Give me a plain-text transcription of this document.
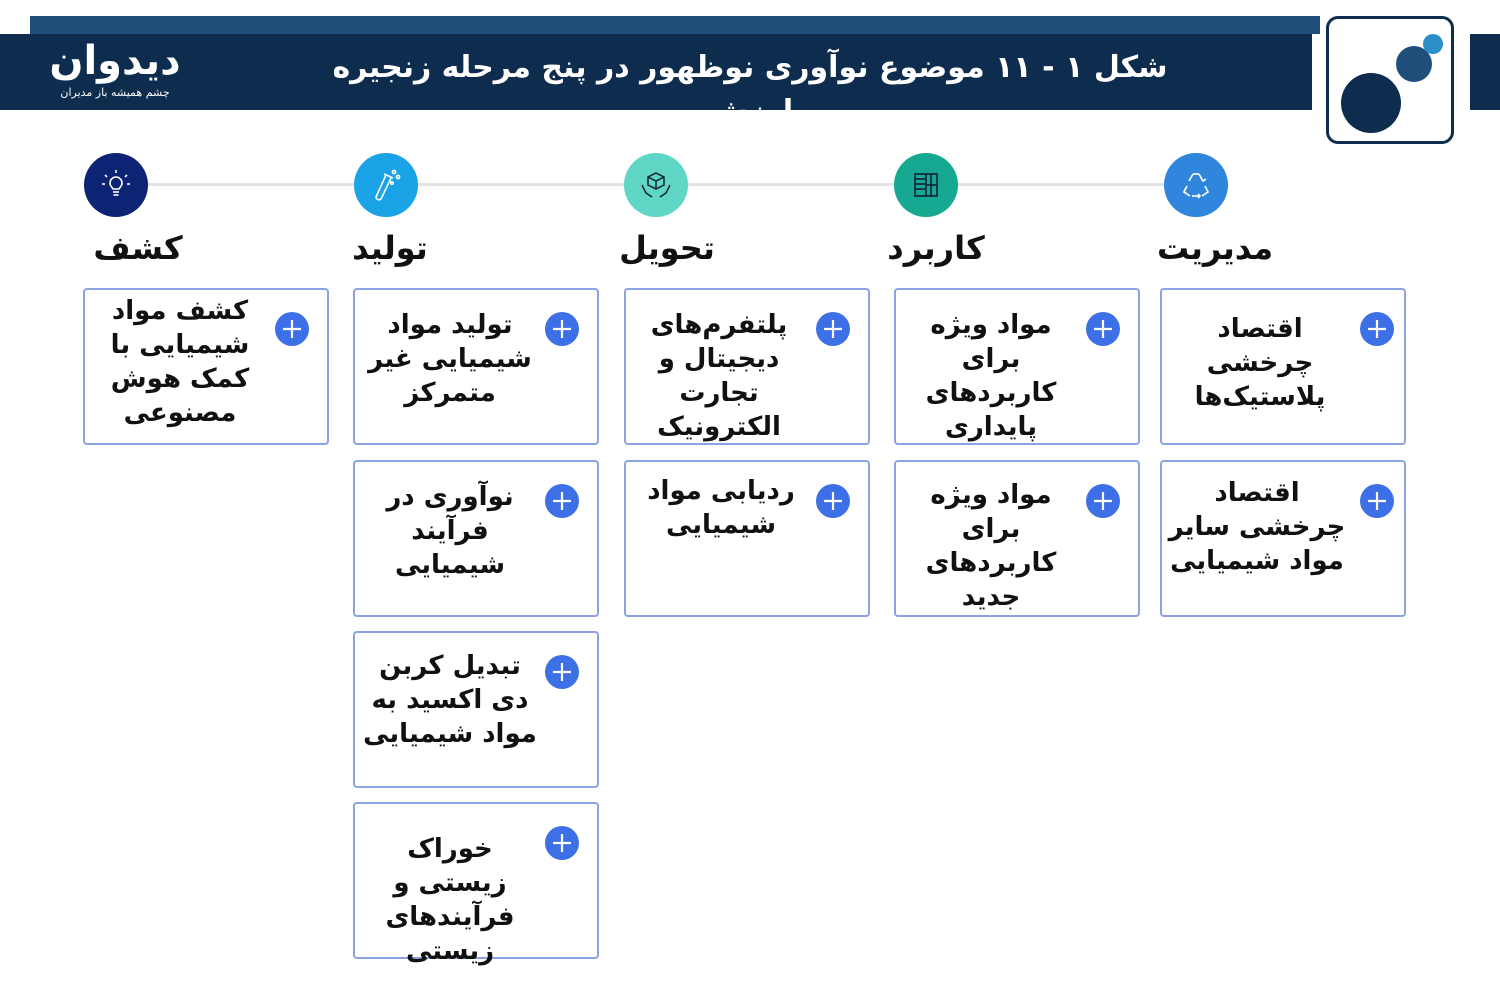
دیدوان
چشم همیشه باز مدیران
شکل ۱ - ۱۱ موضوع نوآوری نوظهور در پنج مرحله زنجیره ارزش
کشف	تولید	تحویل	کاربرد	مدیریت
کشف مواد شیمیایی با کمک هوش مصنوعی
تولید مواد شیمیایی غیر متمرکز
نوآوری در فرآیند شیمیایی
تبدیل کربن دی اکسید به مواد شیمیایی
خوراک زیستی و فرآیندهای زیستی
پلتفرم‌های دیجیتال و تجارت الکترونیک
ردیابی مواد شیمیایی
مواد ویژه برای کاربردهای پایداری
مواد ویژه برای کاربردهای جدید
اقتصاد چرخشی پلاستیک‌ها
اقتصاد چرخشی سایر مواد شیمیایی
